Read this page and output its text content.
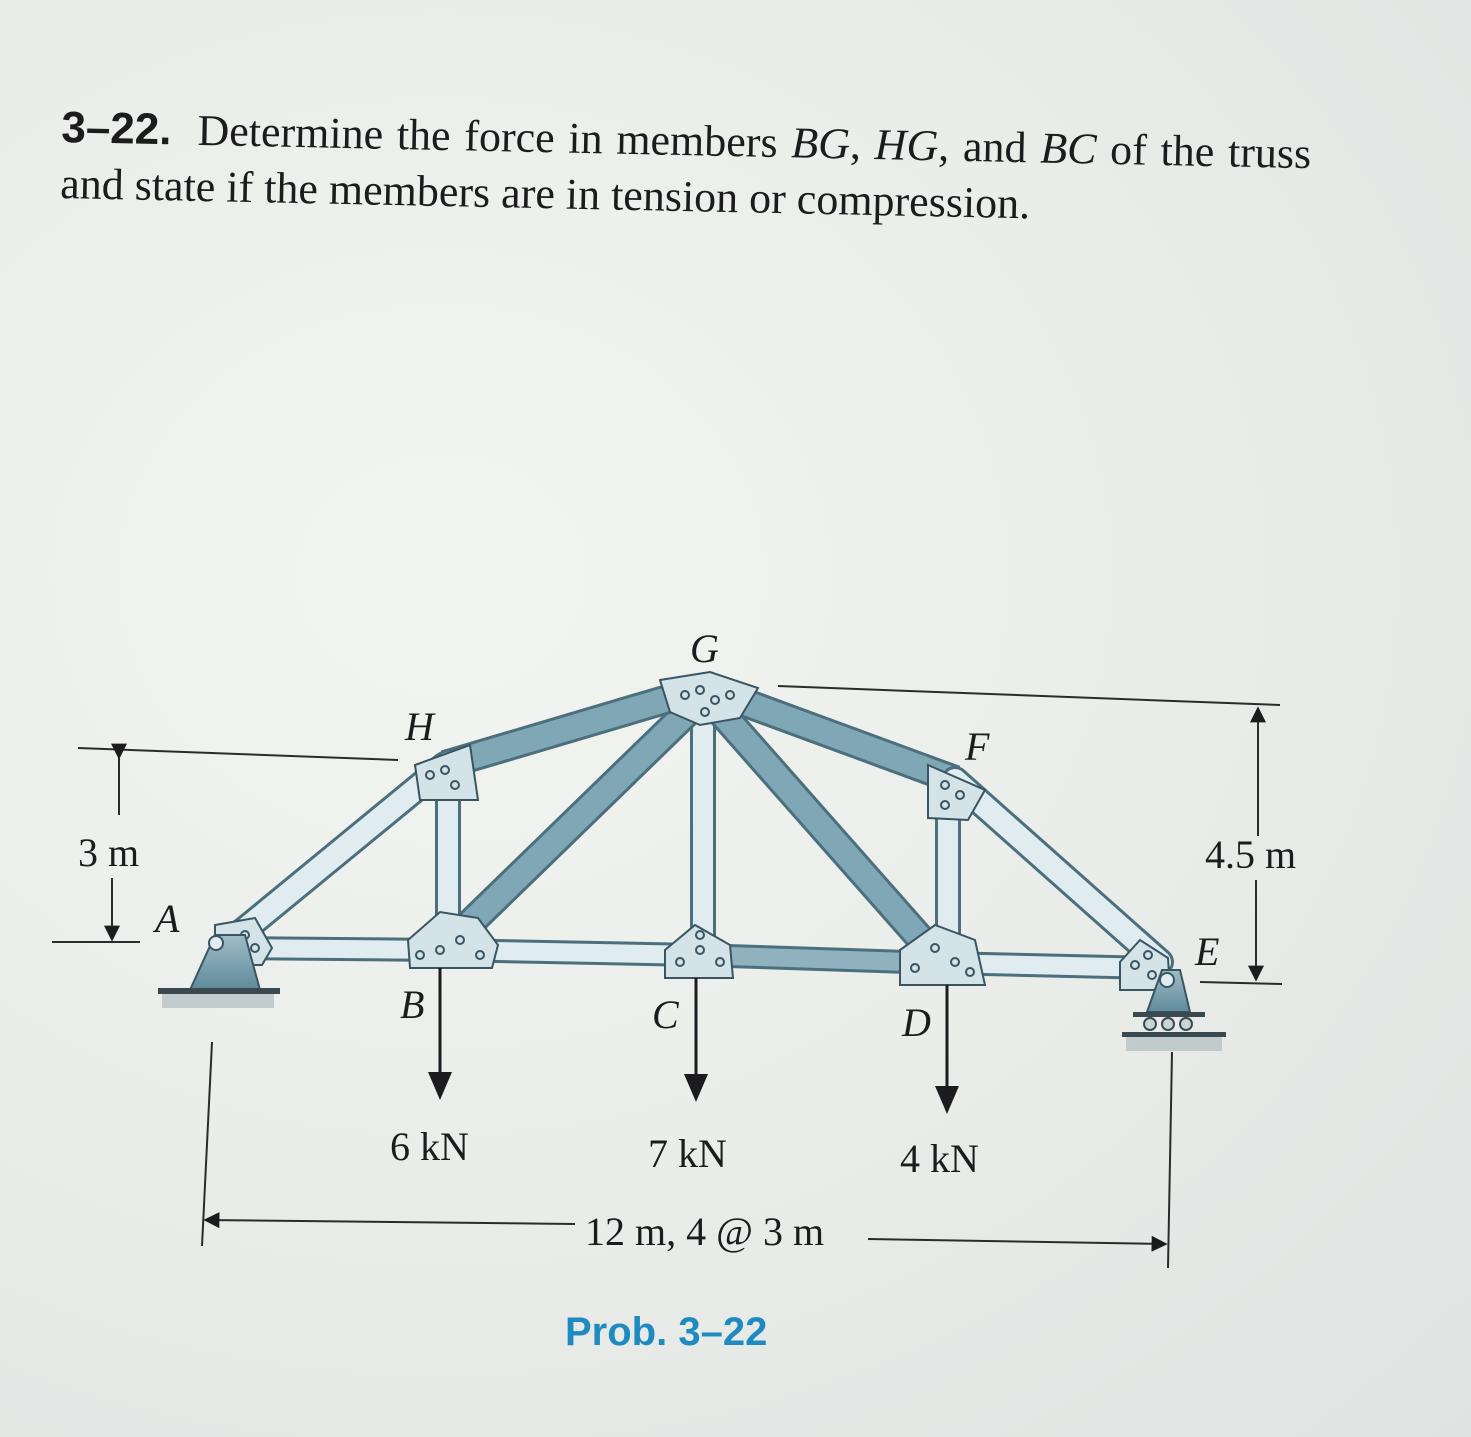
3–22. Determine the force in members BG, HG, and BC of the truss and state if the members are in tension or compression.
G
H	F
A
E
B	C	D
6 kN	7 kN	4 kN
3 m	4.5 m
12 m, 4 @ 3 m
Prob. 3–22
